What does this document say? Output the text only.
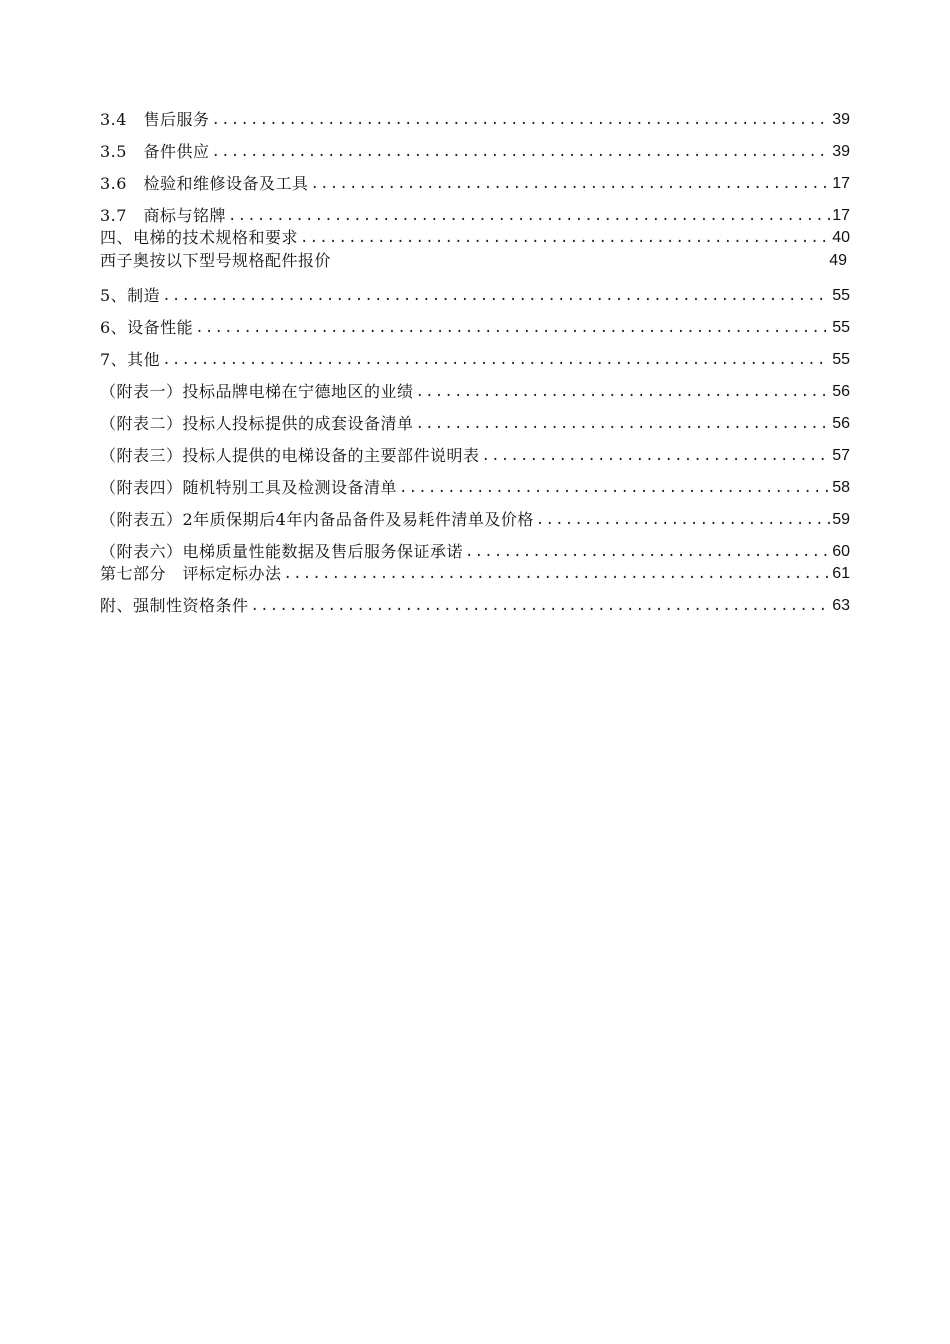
3.4　售后服务 .....	39
3.5　备件供应 .....	39
3.6　检验和维修设备及工具 .....	17
3.7　商标与铭牌 .....	17
四、电梯的技术规格和要求 .....	40
西子奥按以下型号规格配件报价	49
5、制造 .....	55
6、设备性能 .....	55
7、其他 .....	55
（附表一）投标品牌电梯在宁德地区的业绩 .....	56
（附表二）投标人投标提供的成套设备清单 .....	56
（附表三）投标人提供的电梯设备的主要部件说明表 .....	57
（附表四）随机特别工具及检测设备清单 .....	58
（附表五）2年质保期后4年内备品备件及易耗件清单及价格 .....	59
（附表六）电梯质量性能数据及售后服务保证承诺 .....	60
第七部分　评标定标办法 .....	61
附、强制性资格条件 .....	63
